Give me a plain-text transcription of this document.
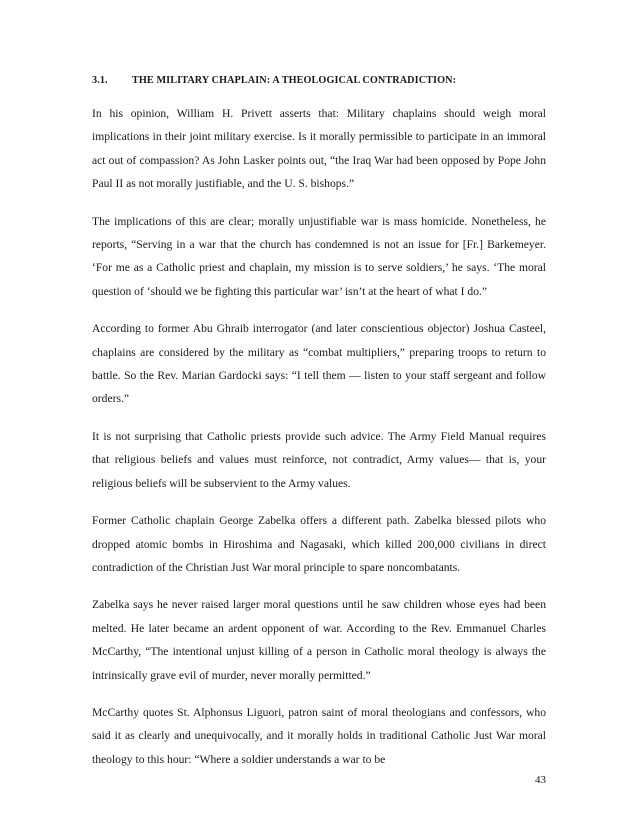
3.1.	THE MILITARY CHAPLAIN: A THEOLOGICAL CONTRADICTION:

In his opinion, William H. Privett asserts that: Military chaplains should weigh moral implications in their joint military exercise. Is it morally permissible to participate in an immoral act out of compassion? As John Lasker points out, “the Iraq War had been opposed by Pope John Paul II as not morally justifiable, and the U. S. bishops.”

The implications of this are clear; morally unjustifiable war is mass homicide. Nonetheless, he reports, “Serving in a war that the church has condemned is not an issue for [Fr.] Barkemeyer. ‘For me as a Catholic priest and chaplain, my mission is to serve soldiers,’ he says. ‘The moral question of ‘should we be fighting this particular war’ isn’t at the heart of what I do.”

According to former Abu Ghraib interrogator (and later conscientious objector) Joshua Casteel, chaplains are considered by the military as “combat multipliers,” preparing troops to return to battle. So the Rev. Marian Gardocki says: “I tell them — listen to your staff sergeant and follow orders.”

It is not surprising that Catholic priests provide such advice. The Army Field Manual requires that religious beliefs and values must reinforce, not contradict, Army values— that is, your religious beliefs will be subservient to the Army values.

Former Catholic chaplain George Zabelka offers a different path. Zabelka blessed pilots who dropped atomic bombs in Hiroshima and Nagasaki, which killed 200,000 civilians in direct contradiction of the Christian Just War moral principle to spare noncombatants.

Zabelka says he never raised larger moral questions until he saw children whose eyes had been melted. He later became an ardent opponent of war. According to the Rev. Emmanuel Charles McCarthy, “The intentional unjust killing of a person in Catholic moral theology is always the intrinsically grave evil of murder, never morally permitted.”

McCarthy quotes St. Alphonsus Liguori, patron saint of moral theologians and confessors, who said it as clearly and unequivocally, and it morally holds in traditional Catholic Just War moral theology to this hour: “Where a soldier understands a war to be

43
